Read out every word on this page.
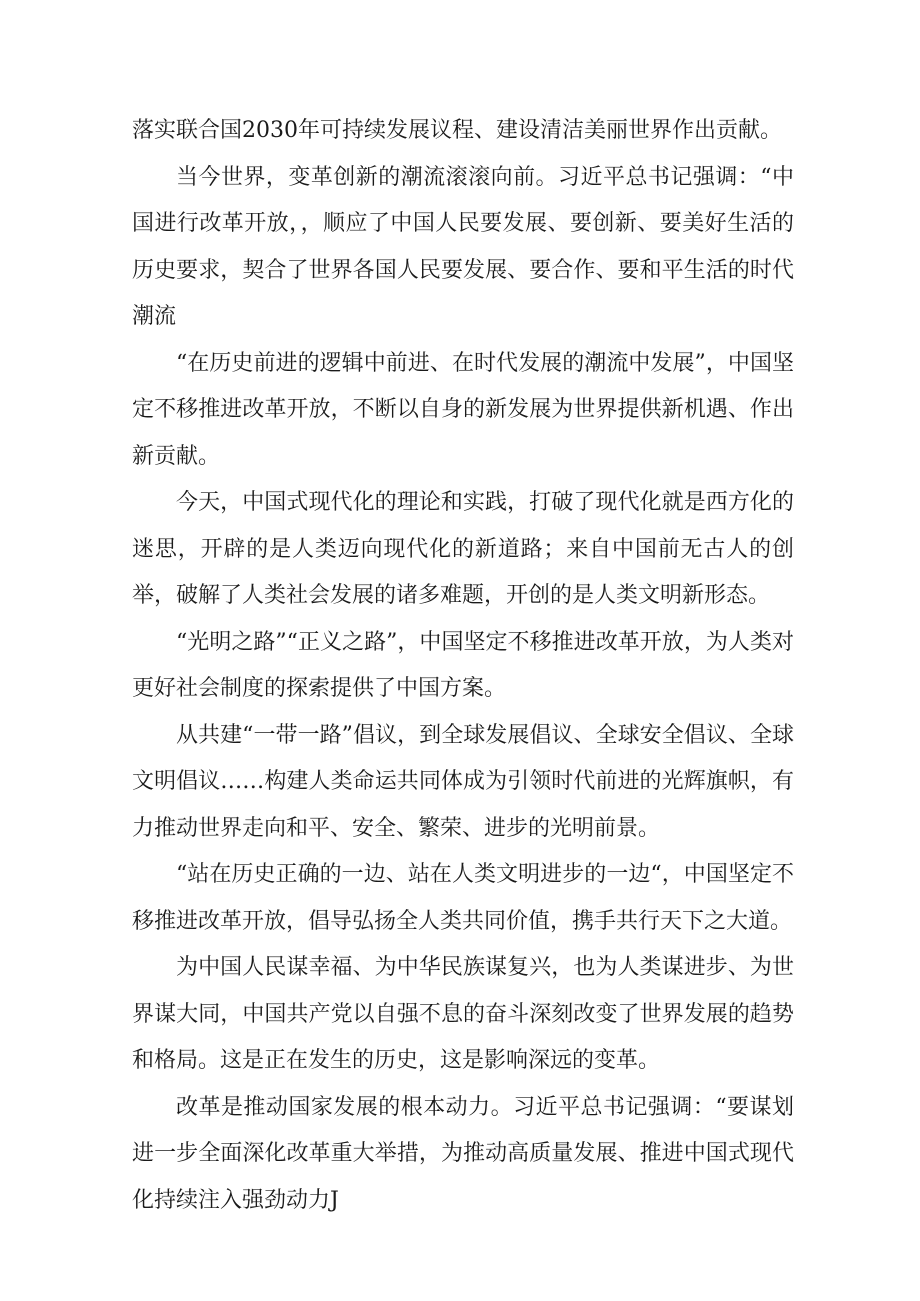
落实联合国2030年可持续发展议程、建设清洁美丽世界作出贡献。

当今世界，变革创新的潮流滚滚向前。习近平总书记强调：“中国进行改革开放，，顺应了中国人民要发展、要创新、要美好生活的历史要求，契合了世界各国人民要发展、要合作、要和平生活的时代潮流

“在历史前进的逻辑中前进、在时代发展的潮流中发展”，中国坚定不移推进改革开放，不断以自身的新发展为世界提供新机遇、作出新贡献。

今天，中国式现代化的理论和实践，打破了现代化就是西方化的迷思，开辟的是人类迈向现代化的新道路；来自中国前无古人的创举，破解了人类社会发展的诸多难题，开创的是人类文明新形态。

“光明之路”“正义之路”，中国坚定不移推进改革开放，为人类对更好社会制度的探索提供了中国方案。

从共建“一带一路”倡议，到全球发展倡议、全球安全倡议、全球文明倡议……构建人类命运共同体成为引领时代前进的光辉旗帜，有力推动世界走向和平、安全、繁荣、进步的光明前景。

“站在历史正确的一边、站在人类文明进步的一边“，中国坚定不移推进改革开放，倡导弘扬全人类共同价值，携手共行天下之大道。

为中国人民谋幸福、为中华民族谋复兴，也为人类谋进步、为世界谋大同，中国共产党以自强不息的奋斗深刻改变了世界发展的趋势和格局。这是正在发生的历史，这是影响深远的变革。

改革是推动国家发展的根本动力。习近平总书记强调：“要谋划进一步全面深化改革重大举措，为推动高质量发展、推进中国式现代化持续注入强劲动力J
